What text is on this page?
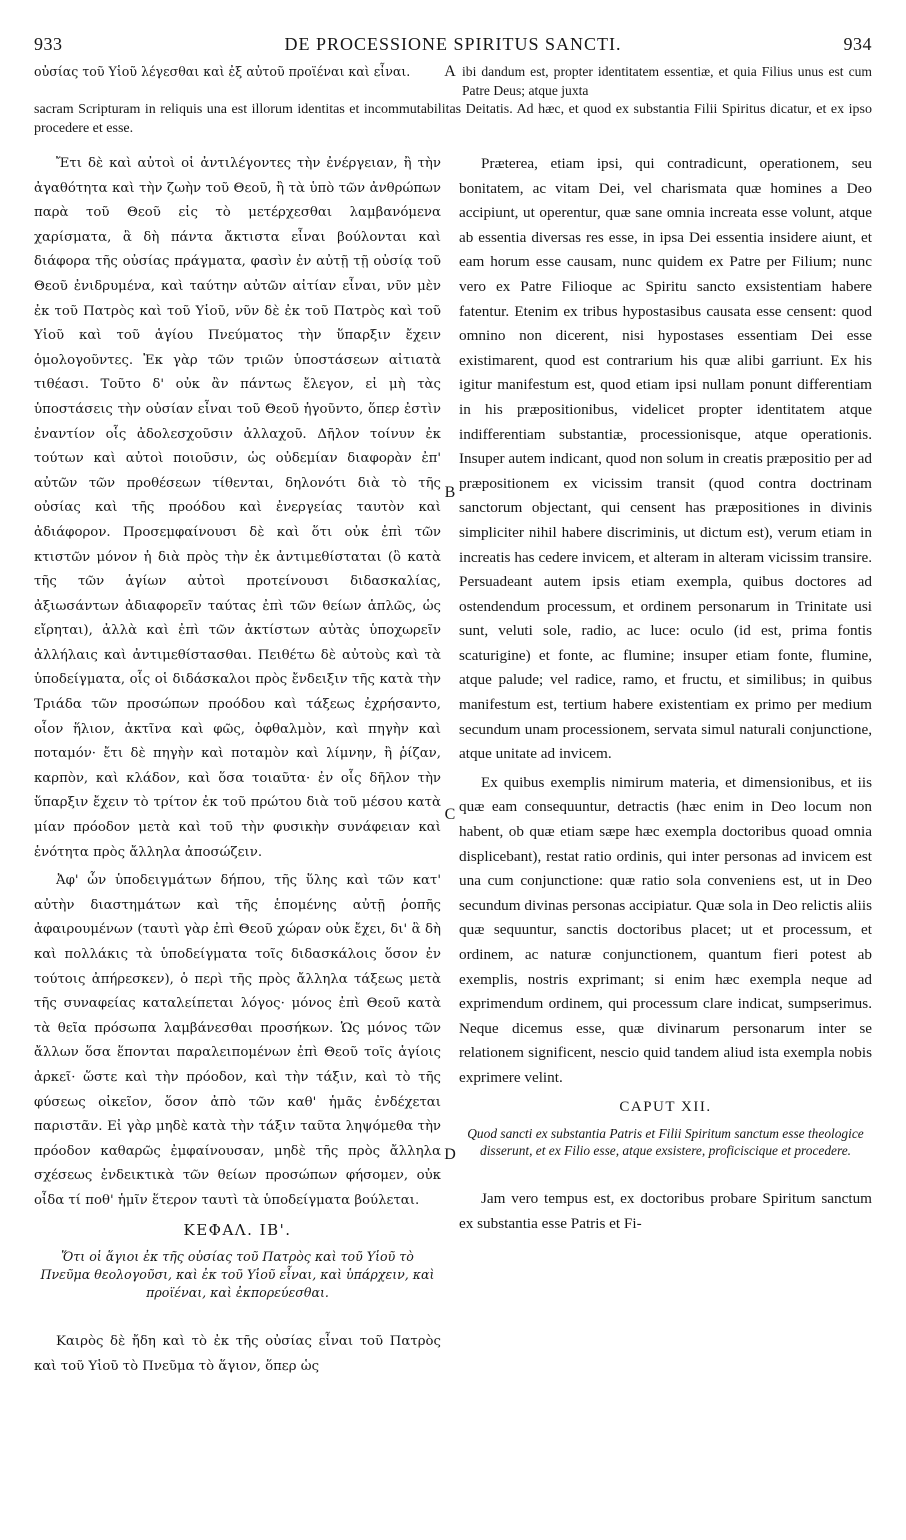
933	DE PROCESSIONE SPIRITUS SANCTI.	934
οὐσίας τοῦ Υἱοῦ λέγεσθαι καὶ ἐξ αὐτοῦ προϊέναι καὶ εἶναι.	ibi dandum est, propter identitatem essentiæ, et quia Filius unus est cum Patre Deus; atque juxta
sacram Scripturam in reliquis una est illorum identitas et incommutabilitas Deitatis. Ad hæc, et quod ex substantia Filii Spiritus dicatur, et ex ipso procedere et esse.
A
B
C
D

Ἔτι δὲ καὶ αὐτοὶ οἱ ἀντιλέγοντες τὴν ἐνέργειαν, ἢ τὴν ἀγαθότητα καὶ τὴν ζωὴν τοῦ Θεοῦ, ἢ τὰ ὑπὸ τῶν ἀνθρώπων παρὰ τοῦ Θεοῦ εἰς τὸ μετέρχεσθαι λαμβανόμενα χαρίσματα, ἃ δὴ πάντα ἄκτιστα εἶναι βούλονται καὶ διάφορα τῆς οὐσίας πράγματα, φασὶν ἐν αὐτῇ τῇ οὐσίᾳ τοῦ Θεοῦ ἐνιδρυμένα, καὶ ταύτην αὐτῶν αἰτίαν εἶναι, νῦν μὲν ἐκ τοῦ Πατρὸς καὶ τοῦ Υἱοῦ, νῦν δὲ ἐκ τοῦ Πατρὸς καὶ τοῦ Υἱοῦ καὶ τοῦ ἁγίου Πνεύματος τὴν ὕπαρξιν ἔχειν ὁμολογοῦντες. Ἐκ γὰρ τῶν τριῶν ὑποστάσεων αἰτιατὰ τιθέασι. Τοῦτο δ' οὐκ ἂν πάντως ἔλεγον, εἰ μὴ τὰς ὑποστάσεις τὴν οὐσίαν εἶναι τοῦ Θεοῦ ἡγοῦντο, ὅπερ ἐστὶν ἐναντίον οἷς ἀδολεσχοῦσιν ἀλλαχοῦ. Δῆλον τοίνυν ἐκ τούτων καὶ αὐτοὶ ποιοῦσιν, ὡς οὐδεμίαν διαφορὰν ἐπ' αὐτῶν τῶν προθέσεων τίθενται, δηλονότι διὰ τὸ τῆς οὐσίας καὶ τῆς προόδου καὶ ἐνεργείας ταυτὸν καὶ ἀδιάφορον. Προσεμφαίνουσι δὲ καὶ ὅτι οὐκ ἐπὶ τῶν κτιστῶν μόνον ἡ διὰ πρὸς τὴν ἐκ ἀντιμεθίσταται (ὃ κατὰ τῆς τῶν ἁγίων αὐτοὶ προτείνουσι διδασκαλίας, ἀξιωσάντων ἀδιαφορεῖν ταύτας ἐπὶ τῶν θείων ἁπλῶς, ὡς εἴρηται), ἀλλὰ καὶ ἐπὶ τῶν ἀκτίστων αὐτὰς ὑποχωρεῖν ἀλλήλαις καὶ ἀντιμεθίστασθαι. Πειθέτω δὲ αὐτοὺς καὶ τὰ ὑποδείγματα, οἷς οἱ διδάσκαλοι πρὸς ἔνδειξιν τῆς κατὰ τὴν Τριάδα τῶν προσώπων προόδου καὶ τάξεως ἐχρήσαντο, οἷον ἥλιον, ἀκτῖνα καὶ φῶς, ὀφθαλμὸν, καὶ πηγὴν καὶ ποταμόν· ἔτι δὲ πηγὴν καὶ ποταμὸν καὶ λίμνην, ἢ ῥίζαν, καρπὸν, καὶ κλάδον, καὶ ὅσα τοιαῦτα· ἐν οἷς δῆλον τὴν ὕπαρξιν ἔχειν τὸ τρίτον ἐκ τοῦ πρώτου διὰ τοῦ μέσου κατὰ μίαν πρόοδον μετὰ καὶ τοῦ τὴν φυσικὴν συνάφειαν καὶ ἑνότητα πρὸς ἄλληλα ἀποσώζειν.

Ἀφ' ὧν ὑποδειγμάτων δήπου, τῆς ὕλης καὶ τῶν κατ' αὐτὴν διαστημάτων καὶ τῆς ἑπομένης αὐτῇ ῥοπῆς ἀφαιρουμένων (ταυτὶ γὰρ ἐπὶ Θεοῦ χώραν οὐκ ἔχει, δι' ἃ δὴ καὶ πολλάκις τὰ ὑποδείγματα τοῖς διδασκάλοις ὅσον ἐν τούτοις ἀπήρεσκεν), ὁ περὶ τῆς πρὸς ἄλληλα τάξεως μετὰ τῆς συναφείας καταλείπεται λόγος· μόνος ἐπὶ Θεοῦ κατὰ τὰ θεῖα πρόσωπα λαμβάνεσθαι προσήκων. Ὡς μόνος τῶν ἄλλων ὅσα ἕπονται παραλειπομένων ἐπὶ Θεοῦ τοῖς ἁγίοις ἀρκεῖ· ὥστε καὶ τὴν πρόοδον, καὶ τὴν τάξιν, καὶ τὸ τῆς φύσεως οἰκεῖον, ὅσον ἀπὸ τῶν καθ' ἡμᾶς ἐνδέχεται παριστᾶν. Εἰ γὰρ μηδὲ κατὰ τὴν τάξιν ταῦτα ληψόμεθα τὴν πρόοδον καθαρῶς ἐμφαίνουσαν, μηδὲ τῆς πρὸς ἄλληλα σχέσεως ἐνδεικτικὰ τῶν θείων προσώπων φήσομεν, οὐκ οἶδα τί ποθ' ἡμῖν ἕτερον ταυτὶ τὰ ὑποδείγματα βούλεται.

ΚΕΦΑΛ. ΙΒ'.
Ὅτι οἱ ἅγιοι ἐκ τῆς οὐσίας τοῦ Πατρὸς καὶ τοῦ Υἱοῦ τὸ Πνεῦμα θεολογοῦσι, καὶ ἐκ τοῦ Υἱοῦ εἶναι, καὶ ὑπάρχειν, καὶ προϊέναι, καὶ ἐκπορεύεσθαι.

Καιρὸς δὲ ἤδη καὶ τὸ ἐκ τῆς οὐσίας εἶναι τοῦ Πατρὸς καὶ τοῦ Υἱοῦ τὸ Πνεῦμα τὸ ἅγιον, ὅπερ ὡς

Præterea, etiam ipsi, qui contradicunt, operationem, seu bonitatem, ac vitam Dei, vel charismata quæ homines a Deo accipiunt, ut operentur, quæ sane omnia increata esse volunt, atque ab essentia diversas res esse, in ipsa Dei essentia insidere aiunt, et eam horum esse causam, nunc quidem ex Patre per Filium; nunc vero ex Patre Filioque ac Spiritu sancto exsistentiam habere fatentur. Etenim ex tribus hypostasibus causata esse censent: quod omnino non dicerent, nisi hypostases essentiam Dei esse existimarent, quod est contrarium his quæ alibi garriunt. Ex his igitur manifestum est, quod etiam ipsi nullam ponunt differentiam in his præpositionibus, videlicet propter identitatem atque indifferentiam substantiæ, processionisque, atque operationis. Insuper autem indicant, quod non solum in creatis præpositio per ad præpositionem ex vicissim transit (quod contra doctrinam sanctorum objectant, qui censent has præpositiones in divinis simpliciter nihil habere discriminis, ut dictum est), verum etiam in increatis has cedere invicem, et alteram in alteram vicissim transire. Persuadeant autem ipsis etiam exempla, quibus doctores ad ostendendum processum, et ordinem personarum in Trinitate usi sunt, veluti sole, radio, ac luce: oculo (id est, prima fontis scaturigine) et fonte, ac flumine; insuper etiam fonte, flumine, atque palude; vel radice, ramo, et fructu, et similibus; in quibus manifestum est, tertium habere existentiam ex primo per medium secundum unam processionem, servata simul naturali conjunctione, atque unitate ad invicem.

Ex quibus exemplis nimirum materia, et dimensionibus, et iis quæ eam consequuntur, detractis (hæc enim in Deo locum non habent, ob quæ etiam sæpe hæc exempla doctoribus quoad omnia displicebant), restat ratio ordinis, qui inter personas ad invicem est una cum conjunctione: quæ ratio sola conveniens est, ut in Deo secundum divinas personas accipiatur. Quæ sola in Deo relictis aliis quæ sequuntur, sanctis doctoribus placet; ut et processum, et ordinem, ac naturæ conjunctionem, quantum fieri potest ab exemplis, nostris exprimant; si enim hæc exempla neque ad exprimendum ordinem, qui processum clare indicat, sumpserimus. Neque dicemus esse, quæ divinarum personarum inter se relationem significent, nescio quid tandem aliud ista exempla nobis exprimere velint.

CAPUT XII.
Quod sancti ex substantia Patris et Filii Spiritum sanctum esse theologice disserunt, et ex Filio esse, atque exsistere, proficiscique et procedere.

Jam vero tempus est, ex doctoribus probare Spiritum sanctum ex substantia esse Patris et Fi-
